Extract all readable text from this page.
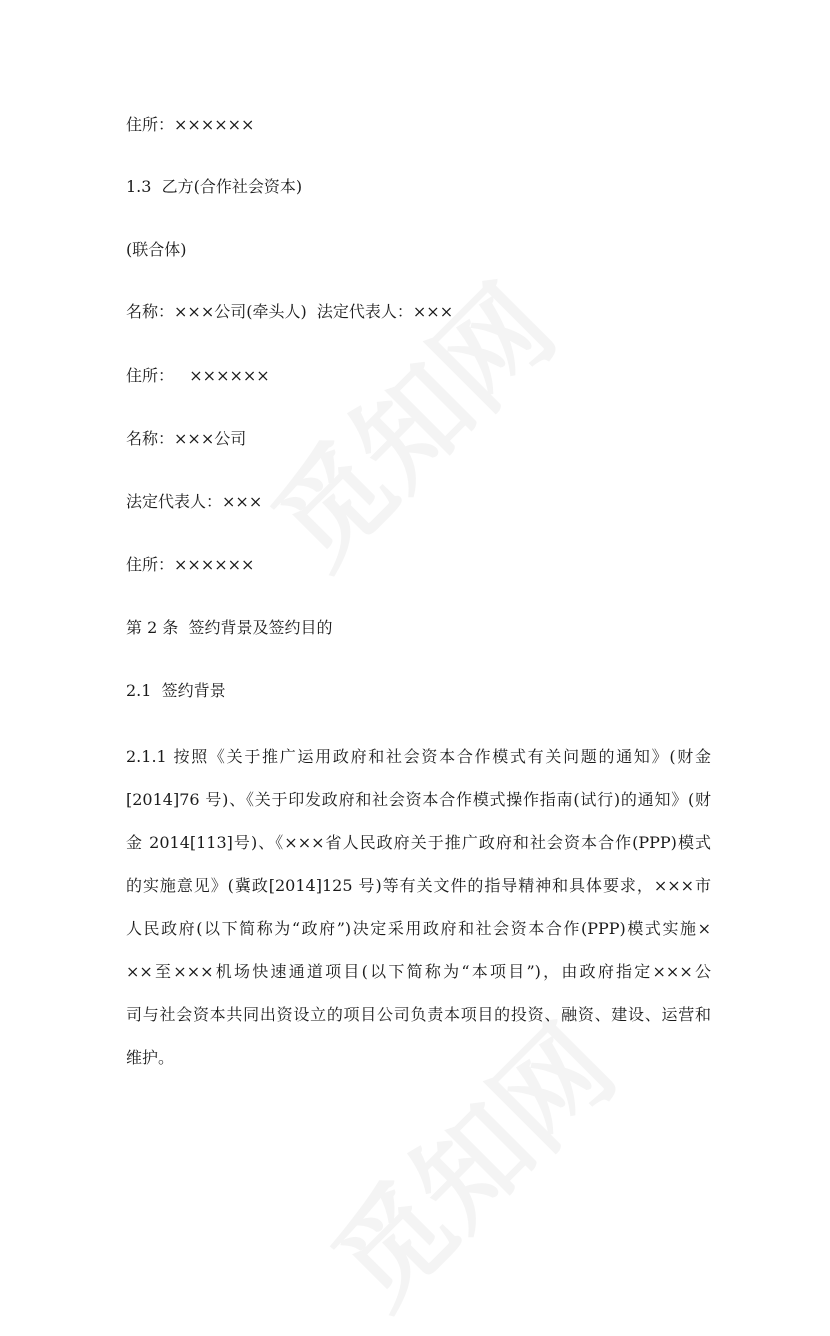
住所：××××××
1.3  乙方(合作社会资本)
(联合体)
名称：×××公司(牵头人)  法定代表人：×××
住所：   ××××××
名称：×××公司
法定代表人：×××
住所：××××××
第 2 条  签约背景及签约目的
2.1  签约背景
2.1.1 按照《关于推广运用政府和社会资本合作模式有关问题的通知》(财金
[2014]76 号)、《关于印发政府和社会资本合作模式操作指南(试行)的通知》(财
金 2014[113]号)、《×××省人民政府关于推广政府和社会资本合作(PPP)模式
的实施意见》(冀政[2014]125 号)等有关文件的指导精神和具体要求，×××市
人民政府(以下简称为“政府”)决定采用政府和社会资本合作(PPP)模式实施×
××至×××机场快速通道项目(以下简称为“本项目”)，由政府指定×××公
司与社会资本共同出资设立的项目公司负责本项目的投资、融资、建设、运营和
维护。
